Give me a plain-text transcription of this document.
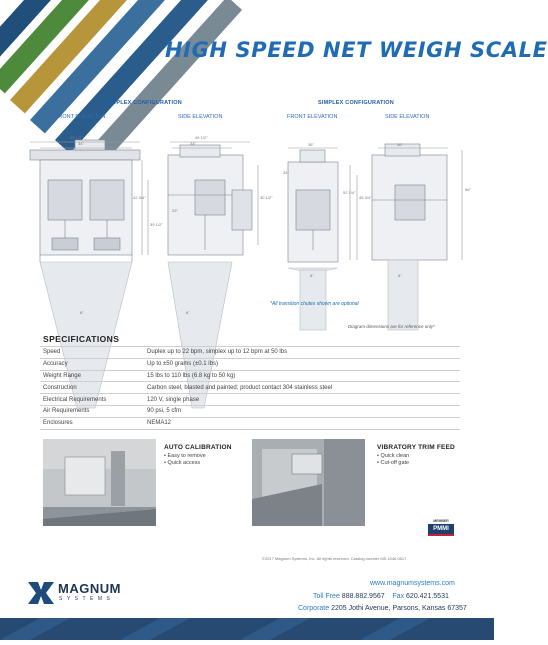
HIGH SPEED NET WEIGH SCALE
DUPLEX CONFIGURATION	SIMPLEX CONFIGURATION
FRONT ELEVATION	SIDE ELEVATION	FRONT ELEVATION	SIDE ELEVATION
59 1/2"
34"
42 3/4"
39 1/2"
49 1/2"
34"
30 1/2"
23"
36"
52 1/4"
45 3/4"
34"
36"
56"
8"	8"
8"	8"
*All transition chutes shown are optional
Diagram dimensions are for reference only*
SPECIFICATIONS
Speed	Duplex up to 22 bpm, simplex up to 12 bpm at 50 lbs
Accuracy	Up to ±50 grams (±0.1 lbs)
Weight Range	15 lbs to 110 lbs (6.8 kg to 50 kg)
Construction	Carbon steel, blasted and painted; product contact 304 stainless steel
Electrical Requirements	120 V, single phase
Air Requirements	90 psi, 5 cfm
Enclosures	NEMA12
AUTO CALIBRATION
• Easy to remove
• Quick access
VIBRATORY TRIM FEED
• Quick clean
• Cut-off gate
MEMBER
PMMI
©2017 Magnum Systems, Inc. All rights reserved. Catalog number MS.1046.0817
MAGNUM
SYSTEMS
www.magnumsystems.com
Toll Free 888.882.9567 Fax 620.421.5531
Corporate 2205 Jothi Avenue, Parsons, Kansas 67357
